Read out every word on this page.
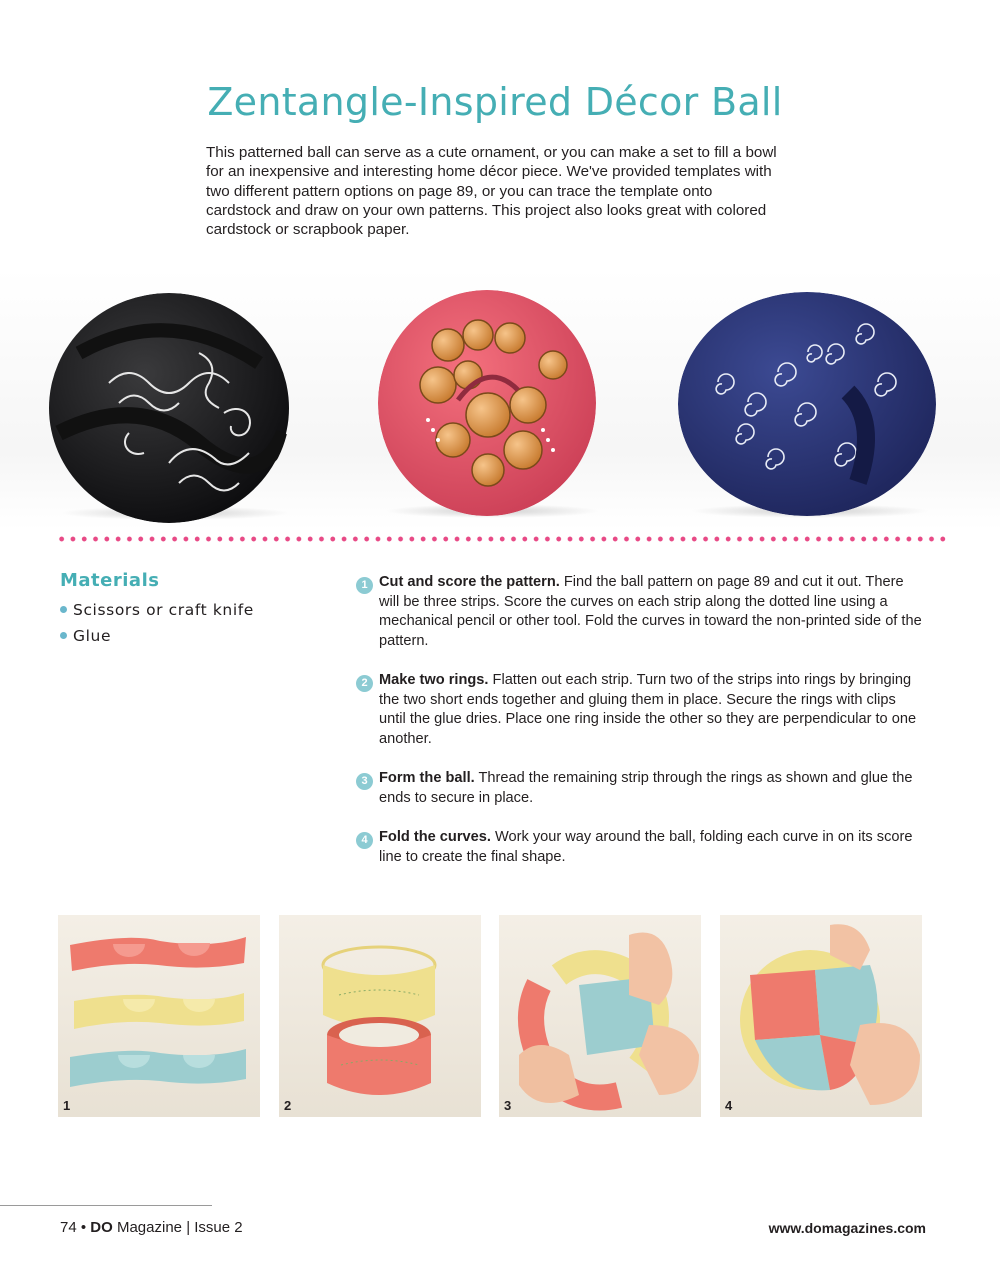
Zentangle-Inspired Décor Ball

This patterned ball can serve as a cute ornament, or you can make a set to fill a bowl for an inexpensive and interesting home décor piece. We've provided templates with two different pattern options on page 89, or you can trace the template onto cardstock and draw on your own patterns. This project also looks great with colored cardstock or scrapbook paper.

Materials
Scissors or craft knife
Glue
1 Cut and score the pattern. Find the ball pattern on page 89 and cut it out. There will be three strips. Score the curves on each strip along the dotted line using a mechanical pencil or other tool. Fold the curves in toward the non-printed side of the pattern.

2 Make two rings. Flatten out each strip. Turn two of the strips into rings by bringing the two short ends together and gluing them in place. Secure the rings with clips until the glue dries. Place one ring inside the other so they are perpendicular to one another.

3 Form the ball. Thread the remaining strip through the rings as shown and glue the ends to secure in place.

4 Fold the curves. Work your way around the ball, folding each curve in on its score line to create the final shape.

1	2	3	4
74 • DO Magazine | Issue 2	www.domagazines.com
